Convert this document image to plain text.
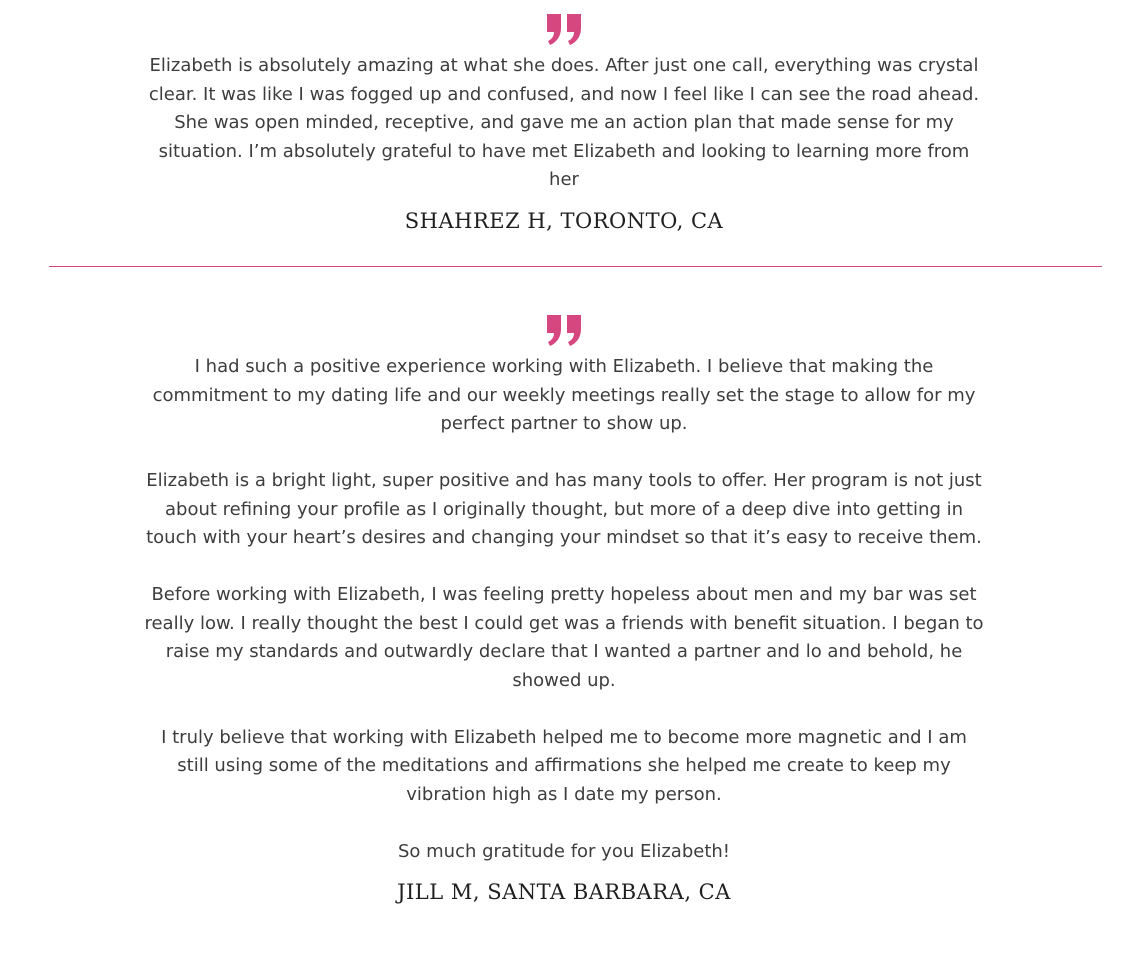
Elizabeth is absolutely amazing at what she does. After just one call, everything was crystal clear. It was like I was fogged up and confused, and now I feel like I can see the road ahead. She was open minded, receptive, and gave me an action plan that made sense for my situation. I’m absolutely grateful to have met Elizabeth and looking to learning more from her

SHAHREZ H, TORONTO, CA

I had such a positive experience working with Elizabeth. I believe that making the commitment to my dating life and our weekly meetings really set the stage to allow for my perfect partner to show up.

Elizabeth is a bright light, super positive and has many tools to offer. Her program is not just about refining your profile as I originally thought, but more of a deep dive into getting in touch with your heart’s desires and changing your mindset so that it’s easy to receive them.

Before working with Elizabeth, I was feeling pretty hopeless about men and my bar was set really low. I really thought the best I could get was a friends with benefit situation. I began to raise my standards and outwardly declare that I wanted a partner and lo and behold, he showed up.

I truly believe that working with Elizabeth helped me to become more magnetic and I am still using some of the meditations and affirmations she helped me create to keep my vibration high as I date my person.

So much gratitude for you Elizabeth!

JILL M, SANTA BARBARA, CA
